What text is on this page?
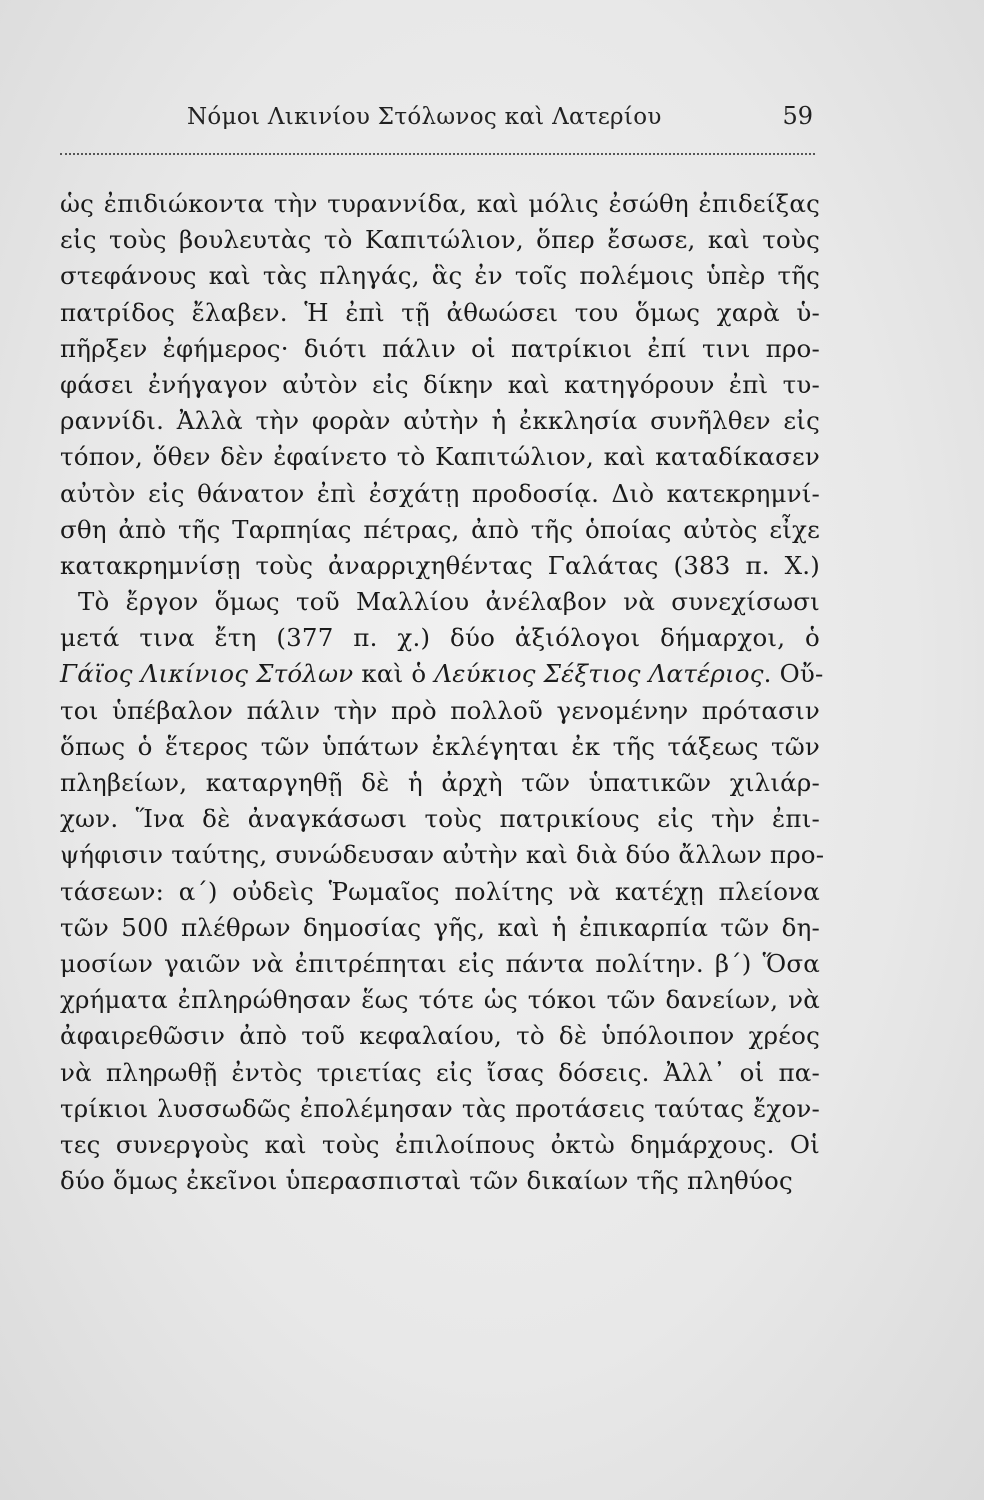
Νόμοι Λικινίου Στόλωνος καὶ Λατερίου	59
ὡς ἐπιδιώκοντα τὴν τυραννίδα, καὶ μόλις ἐσώθη ἐπιδείξας
εἰς τοὺς βουλευτὰς τὸ Καπιτώλιον, ὅπερ ἔσωσε, καὶ τοὺς
στεφάνους καὶ τὰς πληγάς, ἃς ἐν τοῖς πολέμοις ὑπὲρ τῆς
πατρίδος ἔλαβεν. Ἡ ἐπὶ τῇ ἀθωώσει του ὅμως χαρὰ ὑ-
πῆρξεν ἐφήμερος· διότι πάλιν οἱ πατρίκιοι ἐπί τινι προ-
φάσει ἐνήγαγον αὐτὸν εἰς δίκην καὶ κατηγόρουν ἐπὶ τυ-
ραννίδι. Ἀλλὰ τὴν φορὰν αὐτὴν ἡ ἐκκλησία συνῆλθεν εἰς
τόπον, ὅθεν δὲν ἐφαίνετο τὸ Καπιτώλιον, καὶ καταδίκασεν
αὐτὸν εἰς θάνατον ἐπὶ ἐσχάτῃ προδοσίᾳ. Διὸ κατεκρημνί-
σθη ἀπὸ τῆς Ταρπηίας πέτρας, ἀπὸ τῆς ὁποίας αὐτὸς εἶχε
κατακρημνίσῃ τοὺς ἀναρριχηθέντας Γαλάτας (383 π. Χ.)
Τὸ ἔργον ὅμως τοῦ Μαλλίου ἀνέλαβον νὰ συνεχίσωσι
μετά τινα ἔτη (377 π. χ.) δύο ἀξιόλογοι δήμαρχοι, ὁ
Γάϊος Λικίνιος Στόλων καὶ ὁ Λεύκιος Σέξτιος Λατέριος. Οὔ-
τοι ὑπέβαλον πάλιν τὴν πρὸ πολλοῦ γενομένην πρότασιν
ὅπως ὁ ἕτερος τῶν ὑπάτων ἐκλέγηται ἐκ τῆς τάξεως τῶν
πληβείων, καταργηθῇ δὲ ἡ ἀρχὴ τῶν ὑπατικῶν χιλιάρ-
χων. Ἵνα δὲ ἀναγκάσωσι τοὺς πατρικίους εἰς τὴν ἐπι-
ψήφισιν ταύτης, συνώδευσαν αὐτὴν καὶ διὰ δύο ἄλλων προ-
τάσεων: α΄) οὐδεὶς Ῥωμαῖος πολίτης νὰ κατέχῃ πλείονα
τῶν 500 πλέθρων δημοσίας γῆς, καὶ ἡ ἐπικαρπία τῶν δη-
μοσίων γαιῶν νὰ ἐπιτρέπηται εἰς πάντα πολίτην. β΄) Ὅσα
χρήματα ἐπληρώθησαν ἕως τότε ὡς τόκοι τῶν δανείων, νὰ
ἀφαιρεθῶσιν ἀπὸ τοῦ κεφαλαίου, τὸ δὲ ὑπόλοιπον χρέος
νὰ πληρωθῇ ἐντὸς τριετίας εἰς ἴσας δόσεις. Ἀλλ᾿ οἱ πα-
τρίκιοι λυσσωδῶς ἐπολέμησαν τὰς προτάσεις ταύτας ἔχον-
τες συνεργοὺς καὶ τοὺς ἐπιλοίπους ὀκτὼ δημάρχους. Οἱ
δύο ὅμως ἐκεῖνοι ὑπερασπισταὶ τῶν δικαίων τῆς πληθύος
